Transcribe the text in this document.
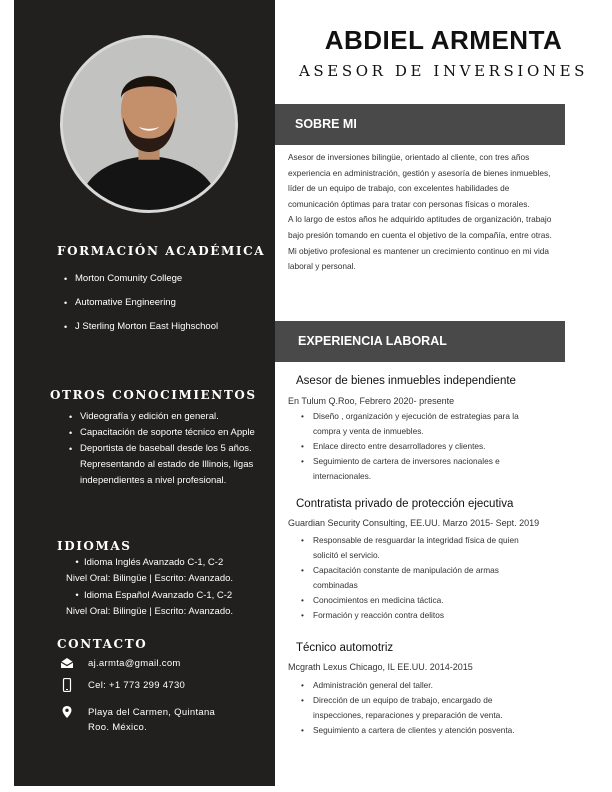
FORMACIÓN ACADÉMICA
• Morton Comunity College
• Automative Engineering
• J Sterling Morton East Highschool
OTROS CONOCIMIENTOS
• Videografía y edición en general.
• Capacitación de soporte técnico en Apple
• Deportista de baseball desde los 5 años. Representando al estado de Illinois, ligas independientes a nivel profesional.
IDIOMAS
• Idioma Inglés Avanzado C-1, C-2
Nivel Oral: Bilingüe | Escrito: Avanzado.
• Idioma Español Avanzado C-1, C-2
Nivel Oral: Bilingüe | Escrito: Avanzado.
CONTACTO
aj.armta@gmail.com
Cel: +1 773 299 4730
Playa del Carmen, Quintana
Roo. México.
ABDIEL ARMENTA
ASESOR DE INVERSIONES
SOBRE MI

Asesor de inversiones bilingüe, orientado al cliente, con tres años experiencia en administración, gestión y asesoría de bienes inmuebles, líder de un equipo de trabajo, con excelentes habilidades de comunicación óptimas para tratar con personas físicas o morales.

A lo largo de estos años he adquirido aptitudes de organización, trabajo bajo presión tomando en cuenta el objetivo de la compañía, entre otras.

Mi objetivo profesional es mantener un crecimiento continuo en mi vida laboral y personal.

EXPERIENCIA LABORAL
Asesor de bienes inmuebles independiente
En Tulum Q.Roo, Febrero 2020- presente
• Diseño , organización y ejecución de estrategias para la compra y venta de inmuebles.
• Enlace directo entre desarrolladores y clientes.
• Seguimiento de cartera de inversores nacionales e internacionales.
Contratista privado de protección ejecutiva
Guardian Security Consulting, EE.UU. Marzo 2015- Sept. 2019
• Responsable de resguardar la integridad física de quien solicitó el servicio.
• Capacitación constante de manipulación de armas combinadas
• Conocimientos en medicina táctica.
• Formación y reacción contra delitos
Técnico automotriz
Mcgrath Lexus Chicago, IL EE.UU. 2014-2015
• Administración general del taller.
• Dirección de un equipo de trabajo, encargado de inspecciones, reparaciones y preparación de venta.
• Seguimiento a cartera de clientes y atención posventa.
